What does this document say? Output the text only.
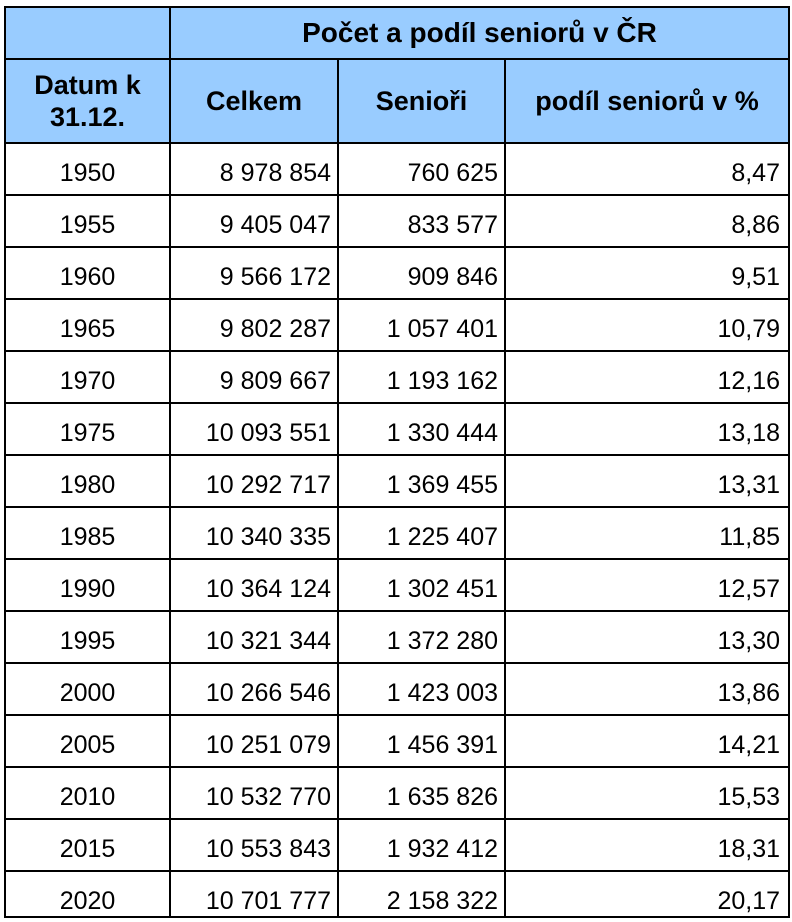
	Počet a podíl seniorů v ČR		
Datum k 31.12.	Celkem	Senioři	podíl seniorů v %
1950	8 978 854	760 625	8,47
1955	9 405 047	833 577	8,86
1960	9 566 172	909 846	9,51
1965	9 802 287	1 057 401	10,79
1970	9 809 667	1 193 162	12,16
1975	10 093 551	1 330 444	13,18
1980	10 292 717	1 369 455	13,31
1985	10 340 335	1 225 407	11,85
1990	10 364 124	1 302 451	12,57
1995	10 321 344	1 372 280	13,30
2000	10 266 546	1 423 003	13,86
2005	10 251 079	1 456 391	14,21
2010	10 532 770	1 635 826	15,53
2015	10 553 843	1 932 412	18,31
2020	10 701 777	2 158 322	20,17
